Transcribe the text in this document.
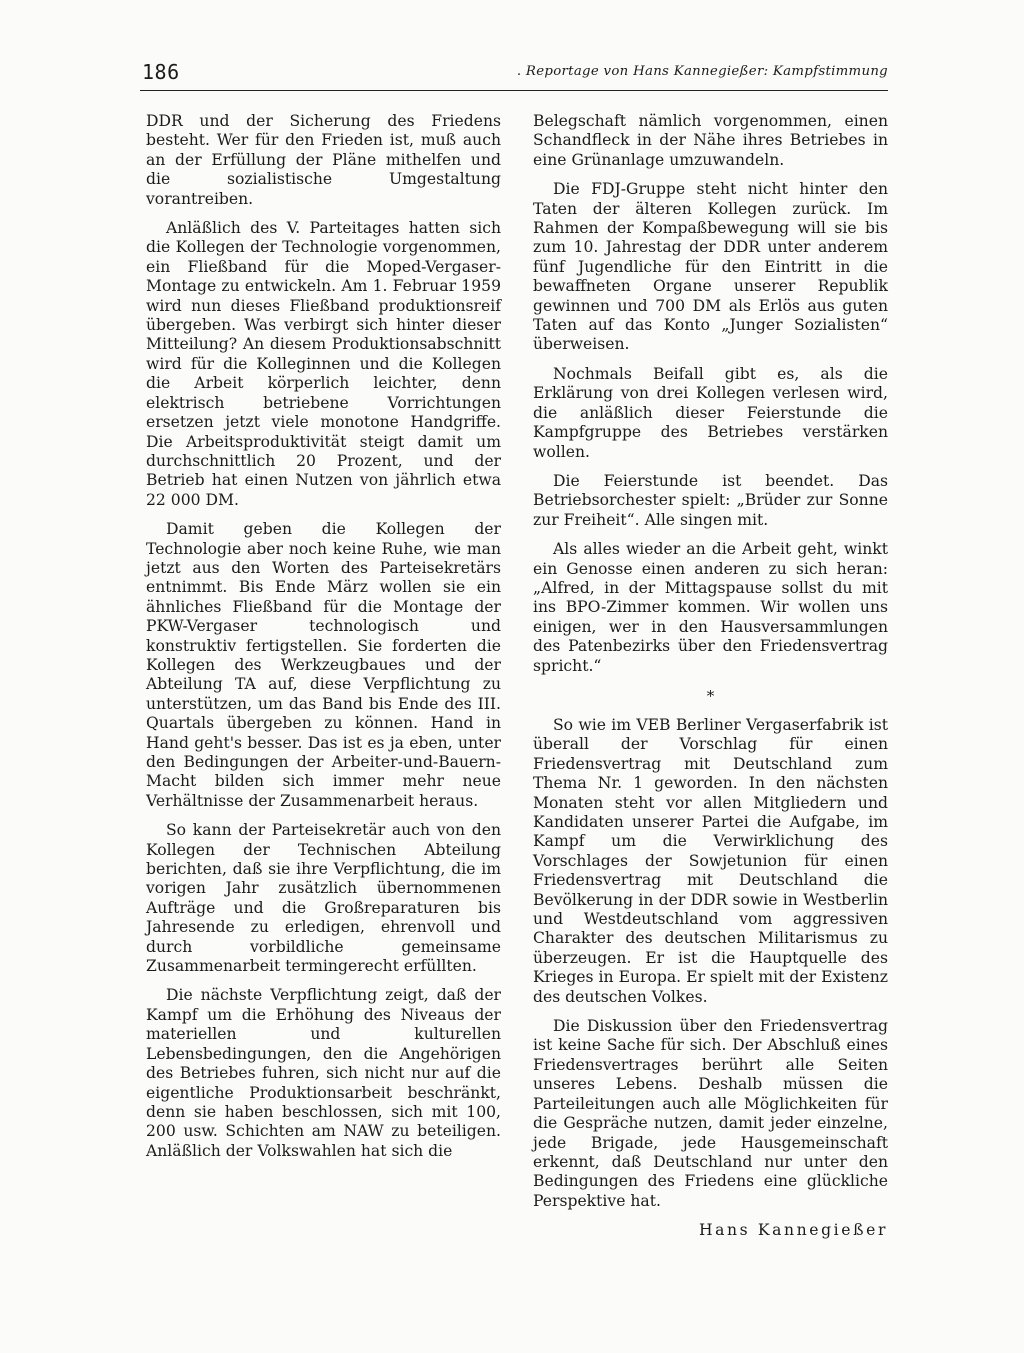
186	. Reportage von Hans Kannegießer: Kampfstimmung

DDR und der Sicherung des Friedens besteht. Wer für den Frieden ist, muß auch an der Erfüllung der Pläne mithelfen und die sozialistische Umgestaltung vorantreiben.

Anläßlich des V. Parteitages hatten sich die Kollegen der Technologie vorgenommen, ein Fließband für die Moped-Vergaser-Montage zu entwickeln. Am 1. Februar 1959 wird nun dieses Fließband produktionsreif übergeben. Was verbirgt sich hinter dieser Mitteilung? An diesem Produktionsabschnitt wird für die Kolleginnen und die Kollegen die Arbeit körperlich leichter, denn elektrisch betriebene Vorrichtungen ersetzen jetzt viele monotone Handgriffe. Die Arbeitsproduktivität steigt damit um durchschnittlich 20 Prozent, und der Betrieb hat einen Nutzen von jährlich etwa 22 000 DM.

Damit geben die Kollegen der Technologie aber noch keine Ruhe, wie man jetzt aus den Worten des Parteisekretärs entnimmt. Bis Ende März wollen sie ein ähnliches Fließband für die Montage der PKW-Vergaser technologisch und konstruktiv fertigstellen. Sie forderten die Kollegen des Werkzeugbaues und der Abteilung TA auf, diese Verpflichtung zu unterstützen, um das Band bis Ende des III. Quartals übergeben zu können. Hand in Hand geht's besser. Das ist es ja eben, unter den Bedingungen der Arbeiter-und-Bauern-Macht bilden sich immer mehr neue Verhältnisse der Zusammenarbeit heraus.

So kann der Parteisekretär auch von den Kollegen der Technischen Abteilung berichten, daß sie ihre Verpflichtung, die im vorigen Jahr zusätzlich übernommenen Aufträge und die Großreparaturen bis Jahresende zu erledigen, ehrenvoll und durch vorbildliche gemeinsame Zusammenarbeit termingerecht erfüllten.

Die nächste Verpflichtung zeigt, daß der Kampf um die Erhöhung des Niveaus der materiellen und kulturellen Lebensbedingungen, den die Angehörigen des Betriebes fuhren, sich nicht nur auf die eigentliche Produktionsarbeit beschränkt, denn sie haben beschlossen, sich mit 100, 200 usw. Schichten am NAW zu beteiligen. Anläßlich der Volkswahlen hat sich die

Belegschaft nämlich vorgenommen, einen Schandfleck in der Nähe ihres Betriebes in eine Grünanlage umzuwandeln.

Die FDJ-Gruppe steht nicht hinter den Taten der älteren Kollegen zurück. Im Rahmen der Kompaßbewegung will sie bis zum 10. Jahrestag der DDR unter anderem fünf Jugendliche für den Eintritt in die bewaffneten Organe unserer Republik gewinnen und 700 DM als Erlös aus guten Taten auf das Konto „Junger Sozialisten“ überweisen.

Nochmals Beifall gibt es, als die Erklärung von drei Kollegen verlesen wird, die anläßlich dieser Feierstunde die Kampfgruppe des Betriebes verstärken wollen.

Die Feierstunde ist beendet. Das Betriebsorchester spielt: „Brüder zur Sonne zur Freiheit“. Alle singen mit.

Als alles wieder an die Arbeit geht, winkt ein Genosse einen anderen zu sich heran: „Alfred, in der Mittagspause sollst du mit ins BPO-Zimmer kommen. Wir wollen uns einigen, wer in den Hausversammlungen des Patenbezirks über den Friedensvertrag spricht.“

*

So wie im VEB Berliner Vergaserfabrik ist überall der Vorschlag für einen Friedensvertrag mit Deutschland zum Thema Nr. 1 geworden. In den nächsten Monaten steht vor allen Mitgliedern und Kandidaten unserer Partei die Aufgabe, im Kampf um die Verwirklichung des Vorschlages der Sowjetunion für einen Friedensvertrag mit Deutschland die Bevölkerung in der DDR sowie in Westberlin und Westdeutschland vom aggressiven Charakter des deutschen Militarismus zu überzeugen. Er ist die Hauptquelle des Krieges in Europa. Er spielt mit der Existenz des deutschen Volkes.

Die Diskussion über den Friedensvertrag ist keine Sache für sich. Der Abschluß eines Friedensvertrages berührt alle Seiten unseres Lebens. Deshalb müssen die Parteileitungen auch alle Möglichkeiten für die Gespräche nutzen, damit jeder einzelne, jede Brigade, jede Hausgemeinschaft erkennt, daß Deutschland nur unter den Bedingungen des Friedens eine glückliche Perspektive hat.

Hans Kannegießer
